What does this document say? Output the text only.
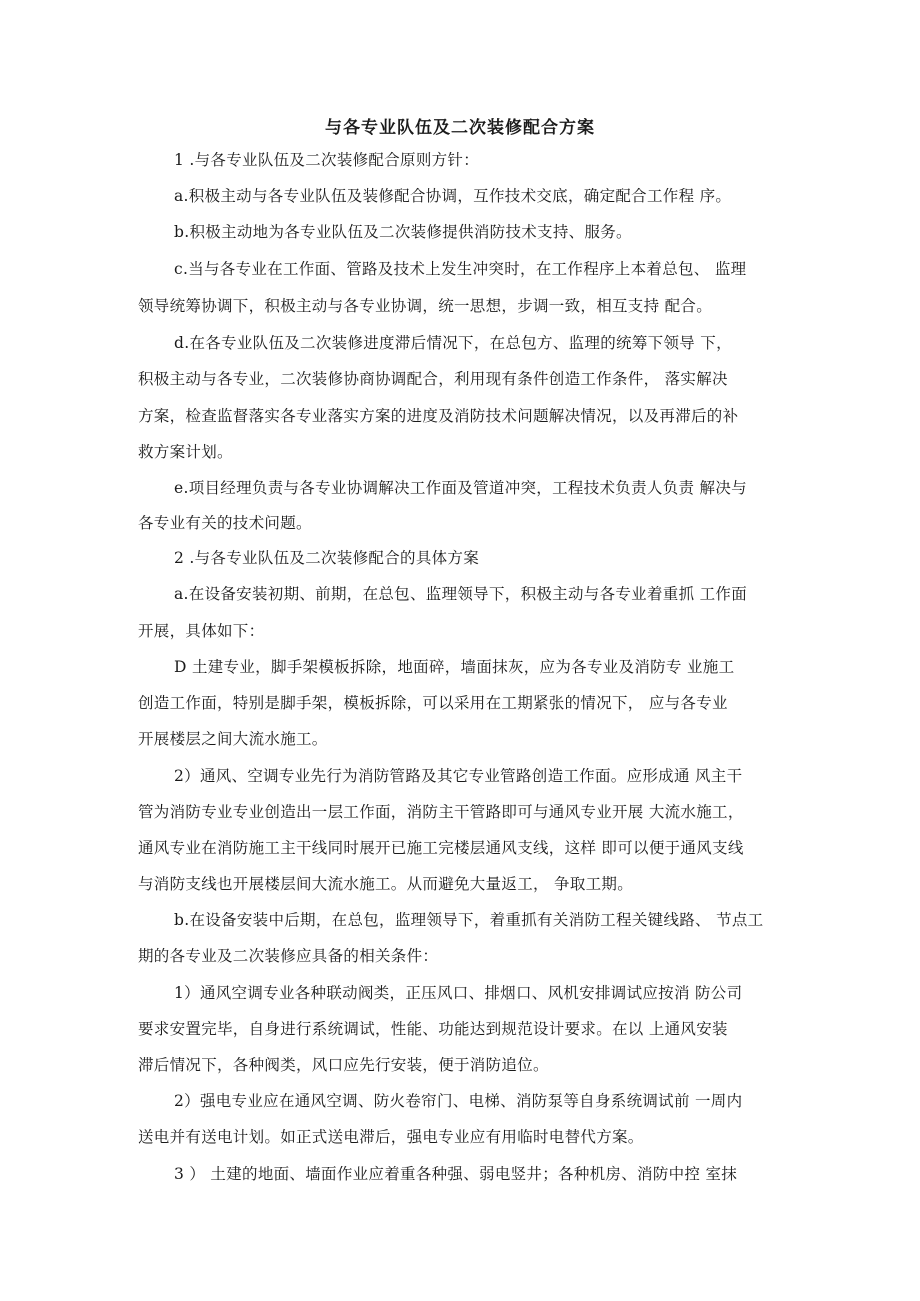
与各专业队伍及二次装修配合方案
1 .与各专业队伍及二次装修配合原则方针：
a.积极主动与各专业队伍及装修配合协调，互作技术交底，确定配合工作程 序。
b.积极主动地为各专业队伍及二次装修提供消防技术支持、服务。
c.当与各专业在工作面、管路及技术上发生冲突时，在工作程序上本着总包、 监理
领导统筹协调下，积极主动与各专业协调，统一思想，步调一致，相互支持 配合。
d.在各专业队伍及二次装修进度滞后情况下，在总包方、监理的统筹下领导 下，
积极主动与各专业，二次装修协商协调配合，利用现有条件创造工作条件， 落实解决
方案，检查监督落实各专业落实方案的进度及消防技术问题解决情况，以及再滞后的补
救方案计划。
e.项目经理负责与各专业协调解决工作面及管道冲突，工程技术负责人负责 解决与
各专业有关的技术问题。
2 .与各专业队伍及二次装修配合的具体方案
a.在设备安装初期、前期，在总包、监理领导下，积极主动与各专业着重抓 工作面
开展，具体如下：
D 土建专业，脚手架模板拆除，地面碎，墙面抹灰，应为各专业及消防专 业施工
创造工作面，特别是脚手架，模板拆除，可以采用在工期紧张的情况下， 应与各专业
开展楼层之间大流水施工。
2）通风、空调专业先行为消防管路及其它专业管路创造工作面。应形成通 风主干
管为消防专业专业创造出一层工作面，消防主干管路即可与通风专业开展 大流水施工，
通风专业在消防施工主干线同时展开已施工完楼层通风支线，这样 即可以便于通风支线
与消防支线也开展楼层间大流水施工。从而避免大量返工， 争取工期。
b.在设备安装中后期，在总包，监理领导下，着重抓有关消防工程关键线路、 节点工
期的各专业及二次装修应具备的相关条件：
1）通风空调专业各种联动阀类，正压风口、排烟口、风机安排调试应按消 防公司
要求安置完毕，自身进行系统调试，性能、功能达到规范设计要求。在以 上通风安装
滞后情况下，各种阀类，风口应先行安装，便于消防追位。
2）强电专业应在通风空调、防火卷帘门、电梯、消防泵等自身系统调试前 一周内
送电并有送电计划。如正式送电滞后，强电专业应有用临时电替代方案。
3 ） 土建的地面、墙面作业应着重各种强、弱电竖井；各种机房、消防中控 室抹
